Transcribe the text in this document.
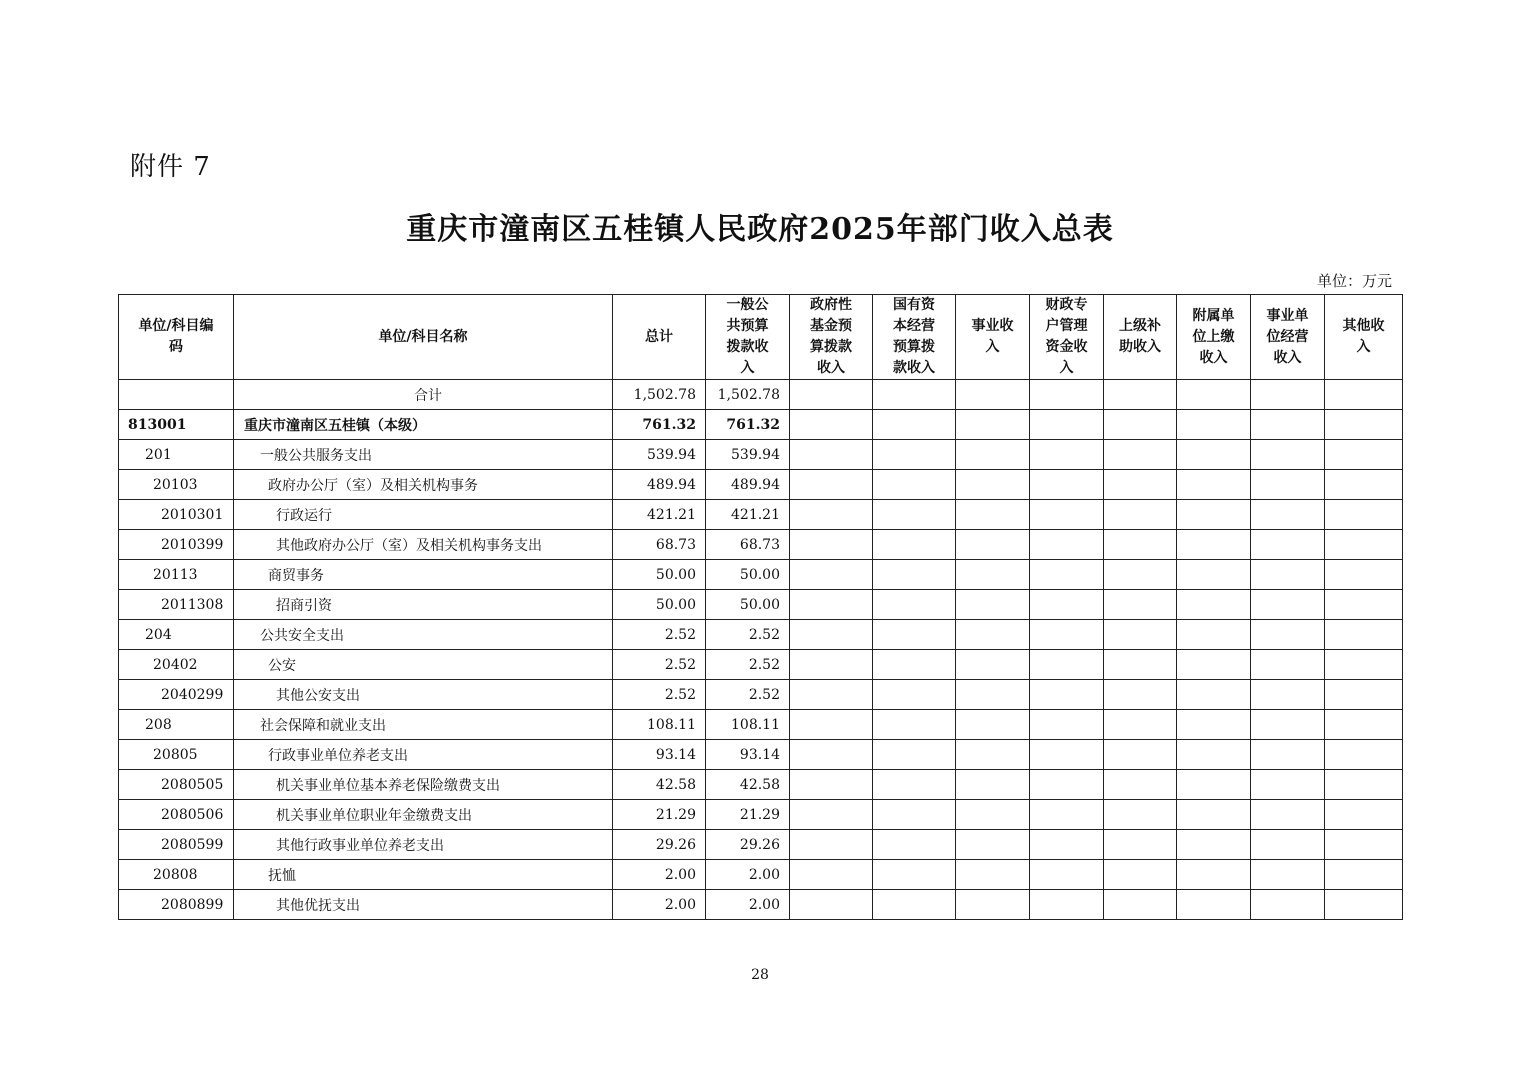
附件 7
重庆市潼南区五桂镇人民政府2025年部门收入总表
单位：万元
单位/科目编码	单位/科目名称	总计	一般公共预算拨款收入	政府性基金预算拨款收入	国有资本经营预算拨款收入	事业收入	财政专户管理资金收入	上级补助收入	附属单位上缴收入	事业单位经营收入	其他收入
	合计	1,502.78	1,502.78								
813001	重庆市潼南区五桂镇（本级）	761.32	761.32								
201	一般公共服务支出	539.94	539.94								
20103	政府办公厅（室）及相关机构事务	489.94	489.94								
2010301	行政运行	421.21	421.21								
2010399	其他政府办公厅（室）及相关机构事务支出	68.73	68.73								
20113	商贸事务	50.00	50.00								
2011308	招商引资	50.00	50.00								
204	公共安全支出	2.52	2.52								
20402	公安	2.52	2.52								
2040299	其他公安支出	2.52	2.52								
208	社会保障和就业支出	108.11	108.11								
20805	行政事业单位养老支出	93.14	93.14								
2080505	机关事业单位基本养老保险缴费支出	42.58	42.58								
2080506	机关事业单位职业年金缴费支出	21.29	21.29								
2080599	其他行政事业单位养老支出	29.26	29.26								
20808	抚恤	2.00	2.00								
2080899	其他优抚支出	2.00	2.00								
28
